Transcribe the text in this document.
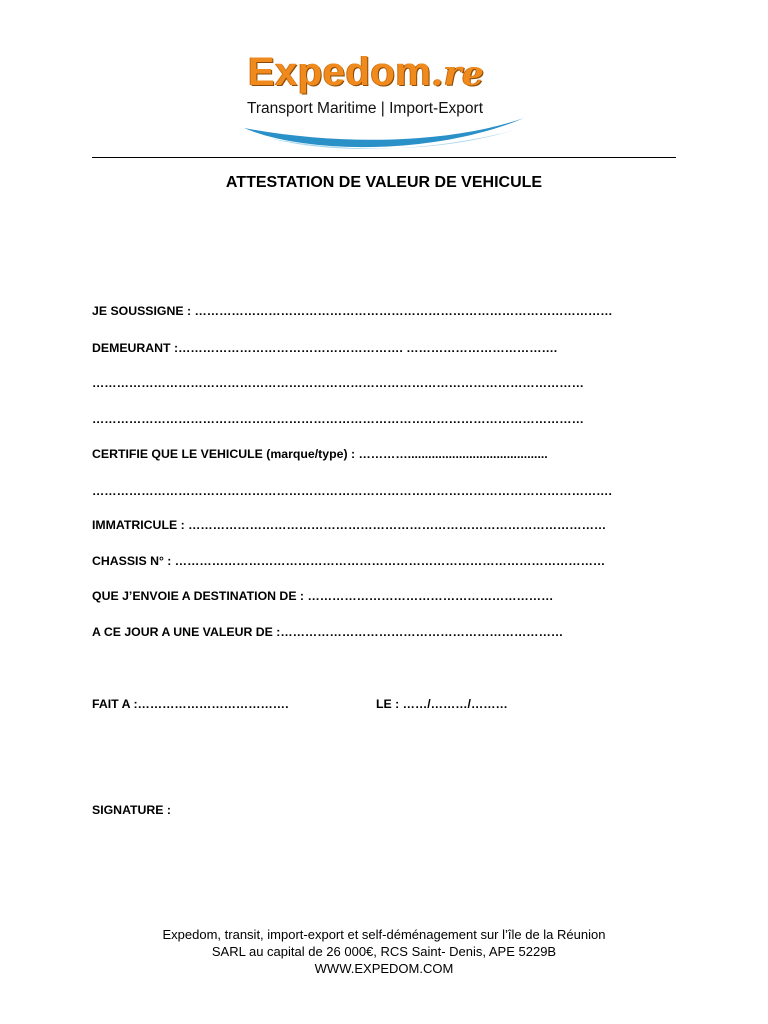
Expedom.re
Transport Maritime | Import-Export
ATTESTATION DE VALEUR DE VEHICULE
JE SOUSSIGNE : …………………………………………………………………………………………
DEMEURANT :………………………………………………. ……………………………….
…………………………………………………………………………………………………………
…………………………………………………………………………………………………………
CERTIFIE QUE LE VEHICULE (marque/type) : ………….........................................
……………………………………………………………………………………………………………….
IMMATRICULE : …………………………………………………………………………………………
CHASSIS N° : ……………………………………………………………………………………………
QUE J’ENVOIE A DESTINATION DE : ……………………………………………………
A CE JOUR A UNE VALEUR DE :……………………………………………………………
FAIT A :……………………………….	LE : ……/………/………
SIGNATURE :
Expedom, transit, import-export et self-déménagement sur l’île de la Réunion
SARL au capital de 26 000€, RCS Saint- Denis, APE 5229B
WWW.EXPEDOM.COM
